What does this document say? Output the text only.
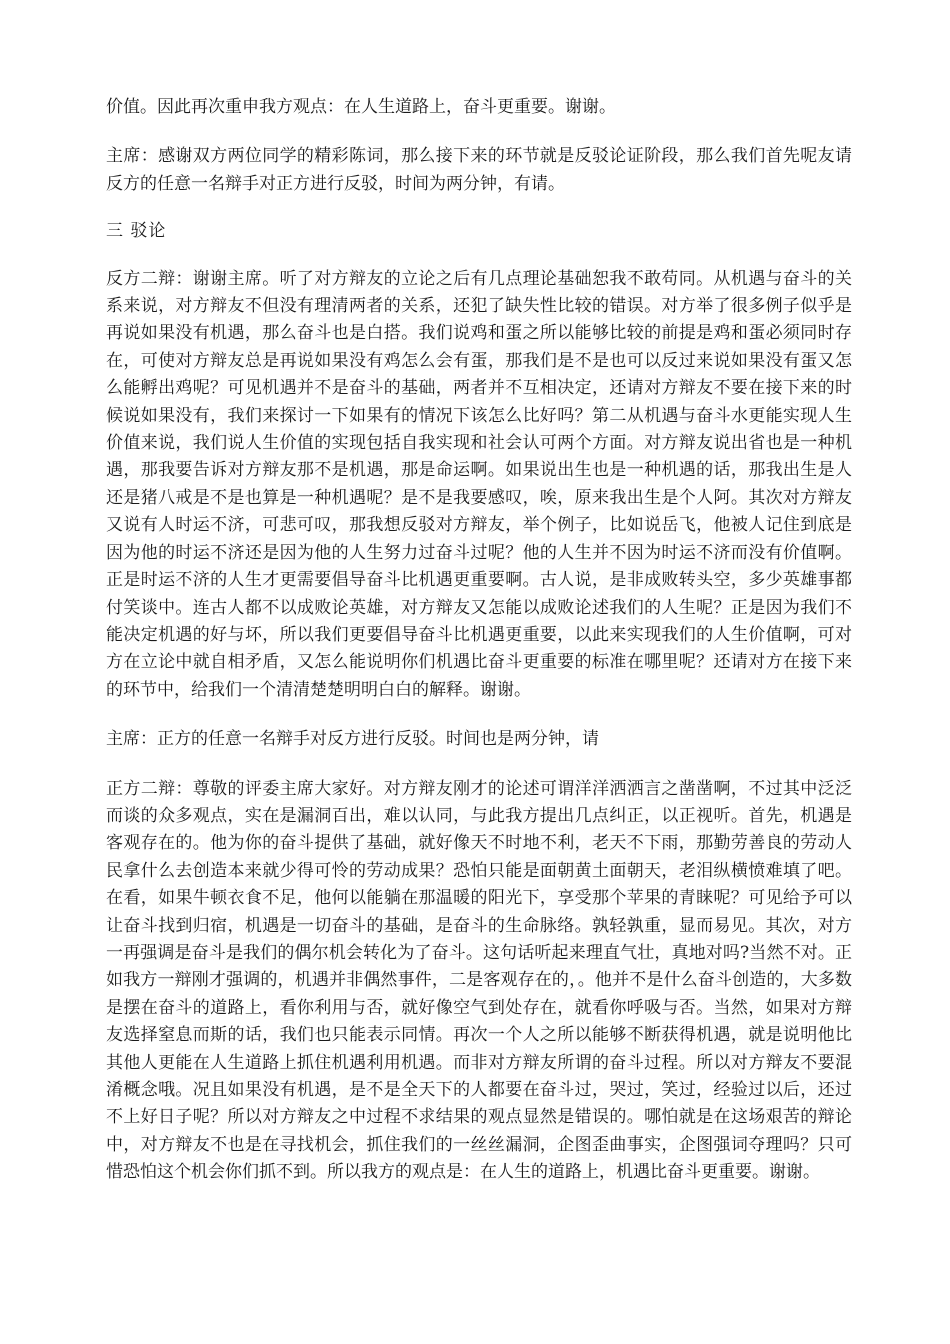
价值。因此再次重申我方观点：在人生道路上，奋斗更重要。谢谢。

主席：感谢双方两位同学的精彩陈词，那么接下来的环节就是反驳论证阶段，那么我们首先呢友请反方的任意一名辩手对正方进行反驳，时间为两分钟，有请。

三 驳论

反方二辩：谢谢主席。听了对方辩友的立论之后有几点理论基础恕我不敢苟同。从机遇与奋斗的关系来说，对方辩友不但没有理清两者的关系，还犯了缺失性比较的错误。对方举了很多例子似乎是再说如果没有机遇，那么奋斗也是白搭。我们说鸡和蛋之所以能够比较的前提是鸡和蛋必须同时存在，可使对方辩友总是再说如果没有鸡怎么会有蛋，那我们是不是也可以反过来说如果没有蛋又怎么能孵出鸡呢？可见机遇并不是奋斗的基础，两者并不互相决定，还请对方辩友不要在接下来的时候说如果没有，我们来探讨一下如果有的情况下该怎么比好吗？第二从机遇与奋斗水更能实现人生价值来说，我们说人生价值的实现包括自我实现和社会认可两个方面。对方辩友说出省也是一种机遇，那我要告诉对方辩友那不是机遇，那是命运啊。如果说出生也是一种机遇的话，那我出生是人还是猪八戒是不是也算是一种机遇呢？是不是我要感叹，唉，原来我出生是个人阿。其次对方辩友又说有人时运不济，可悲可叹，那我想反驳对方辩友，举个例子，比如说岳飞，他被人记住到底是因为他的时运不济还是因为他的人生努力过奋斗过呢？他的人生并不因为时运不济而没有价值啊。正是时运不济的人生才更需要倡导奋斗比机遇更重要啊。古人说，是非成败转头空，多少英雄事都付笑谈中。连古人都不以成败论英雄，对方辩友又怎能以成败论述我们的人生呢？正是因为我们不能决定机遇的好与坏，所以我们更要倡导奋斗比机遇更重要，以此来实现我们的人生价值啊，可对方在立论中就自相矛盾，又怎么能说明你们机遇比奋斗更重要的标准在哪里呢？还请对方在接下来的环节中，给我们一个清清楚楚明明白白的解释。谢谢。

主席：正方的任意一名辩手对反方进行反驳。时间也是两分钟，请

正方二辩：尊敬的评委主席大家好。对方辩友刚才的论述可谓洋洋洒洒言之凿凿啊，不过其中泛泛而谈的众多观点，实在是漏洞百出，难以认同，与此我方提出几点纠正，以正视听。首先，机遇是客观存在的。他为你的奋斗提供了基础，就好像天不时地不利，老天不下雨，那勤劳善良的劳动人民拿什么去创造本来就少得可怜的劳动成果？恐怕只能是面朝黄土面朝天，老泪纵横愤难填了吧。在看，如果牛顿衣食不足，他何以能躺在那温暖的阳光下，享受那个苹果的青睐呢？可见给予可以让奋斗找到归宿，机遇是一切奋斗的基础，是奋斗的生命脉络。孰轻孰重，显而易见。其次，对方一再强调是奋斗是我们的偶尔机会转化为了奋斗。这句话听起来理直气壮，真地对吗?当然不对。正如我方一辩刚才强调的，机遇并非偶然事件，二是客观存在的，。他并不是什么奋斗创造的，大多数是摆在奋斗的道路上，看你利用与否，就好像空气到处存在，就看你呼吸与否。当然，如果对方辩友选择窒息而斯的话，我们也只能表示同情。再次一个人之所以能够不断获得机遇，就是说明他比其他人更能在人生道路上抓住机遇利用机遇。而非对方辩友所谓的奋斗过程。所以对方辩友不要混淆概念哦。况且如果没有机遇，是不是全天下的人都要在奋斗过，哭过，笑过，经验过以后，还过不上好日子呢？所以对方辩友之中过程不求结果的观点显然是错误的。哪怕就是在这场艰苦的辩论中，对方辩友不也是在寻找机会，抓住我们的一丝丝漏洞，企图歪曲事实，企图强词夺理吗？只可惜恐怕这个机会你们抓不到。所以我方的观点是：在人生的道路上，机遇比奋斗更重要。谢谢。
